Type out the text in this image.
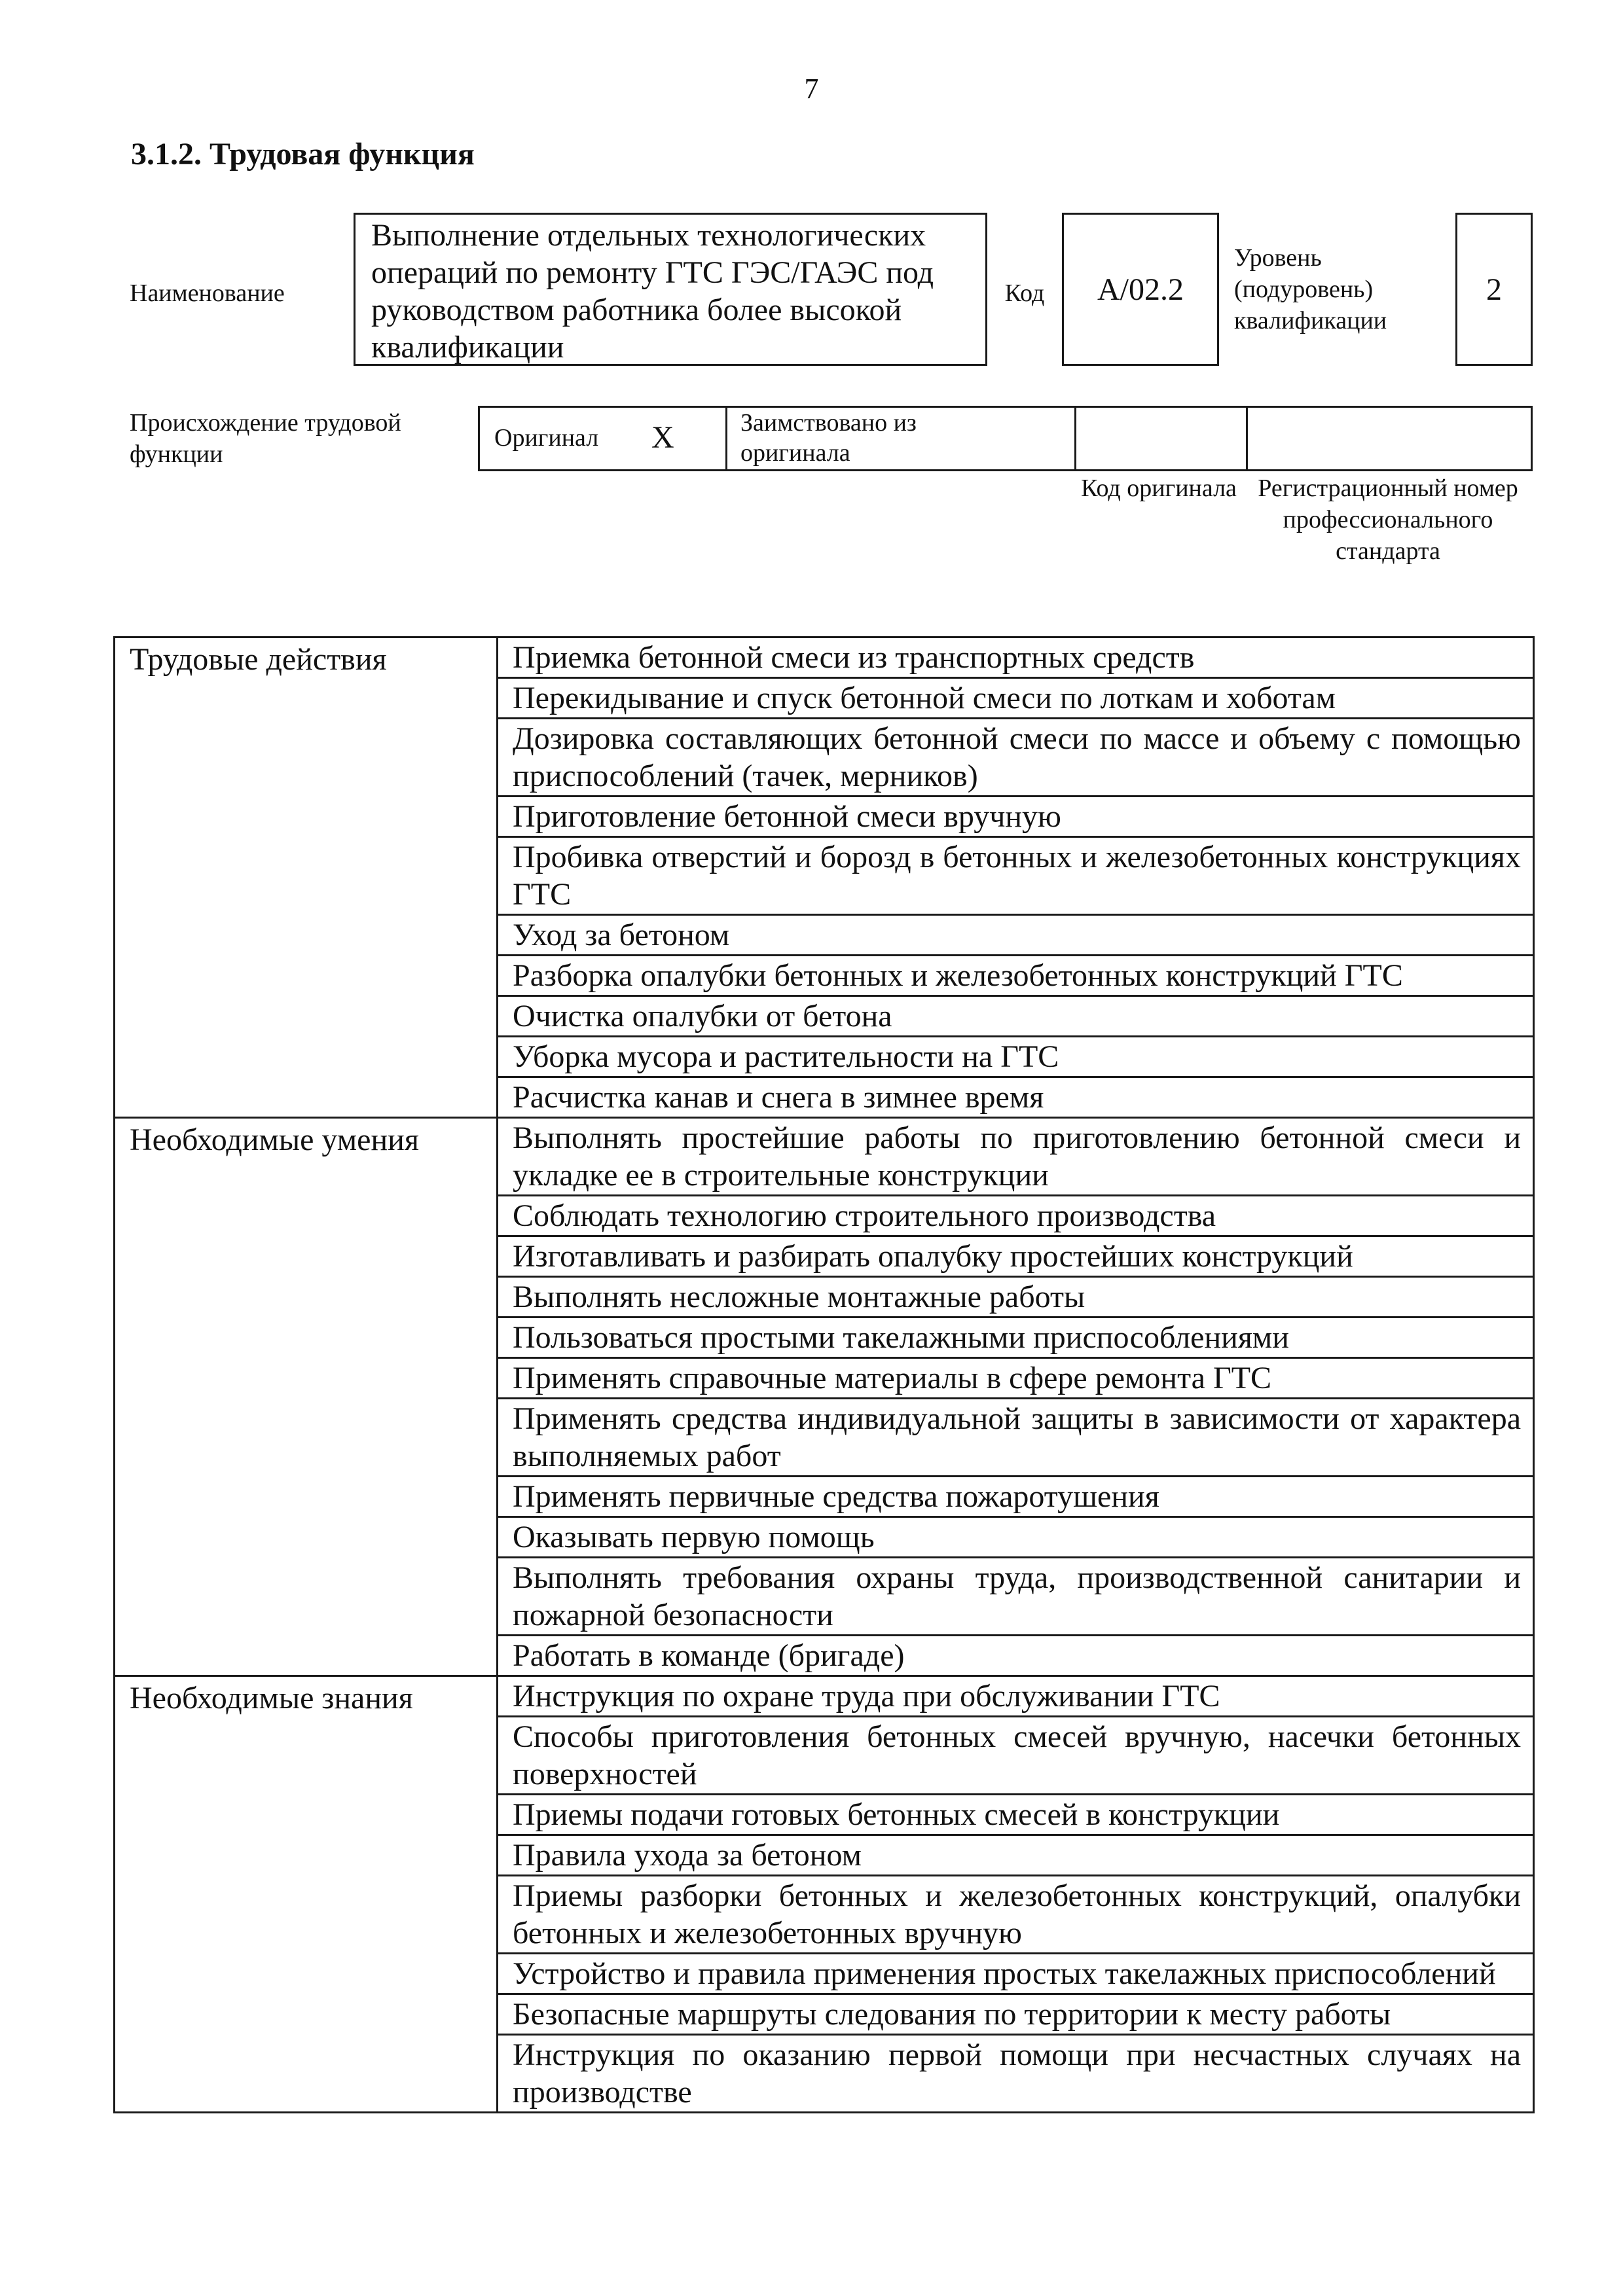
7
3.1.2. Трудовая функция
Наименование
Выполнение отдельных технологических операций по ремонту ГТС ГЭС/ГАЭС под руководством работника более высокой квалификации
Код	А/02.2
Уровень (подуровень) квалификации
2
Происхождение трудовой функции
Оригинал X	Заимствовано из оригинала
Код оригинала Регистрационный номер профессионального стандарта
Трудовые действия	Приемка бетонной смеси из транспортных средств
	Перекидывание и спуск бетонной смеси по лоткам и хоботам
	Дозировка составляющих бетонной смеси по массе и объему с помощью приспособлений (тачек, мерников)
	Приготовление бетонной смеси вручную
	Пробивка отверстий и борозд в бетонных и железобетонных конструкциях ГТС
	Уход за бетоном
	Разборка опалубки бетонных и железобетонных конструкций ГТС
	Очистка опалубки от бетона
	Уборка мусора и растительности на ГТС
	Расчистка канав и снега в зимнее время
Необходимые умения	Выполнять простейшие работы по приготовлению бетонной смеси и укладке ее в строительные конструкции
	Соблюдать технологию строительного производства
	Изготавливать и разбирать опалубку простейших конструкций
	Выполнять несложные монтажные работы
	Пользоваться простыми такелажными приспособлениями
	Применять справочные материалы в сфере ремонта ГТС
	Применять средства индивидуальной защиты в зависимости от характера выполняемых работ
	Применять первичные средства пожаротушения
	Оказывать первую помощь
	Выполнять требования охраны труда, производственной санитарии и пожарной безопасности
	Работать в команде (бригаде)
Необходимые знания	Инструкция по охране труда при обслуживании ГТС
	Способы приготовления бетонных смесей вручную, насечки бетонных поверхностей
	Приемы подачи готовых бетонных смесей в конструкции
	Правила ухода за бетоном
	Приемы разборки бетонных и железобетонных конструкций, опалубки бетонных и железобетонных вручную
	Устройство и правила применения простых такелажных приспособлений
	Безопасные маршруты следования по территории к месту работы
	Инструкция по оказанию первой помощи при несчастных случаях на производстве
